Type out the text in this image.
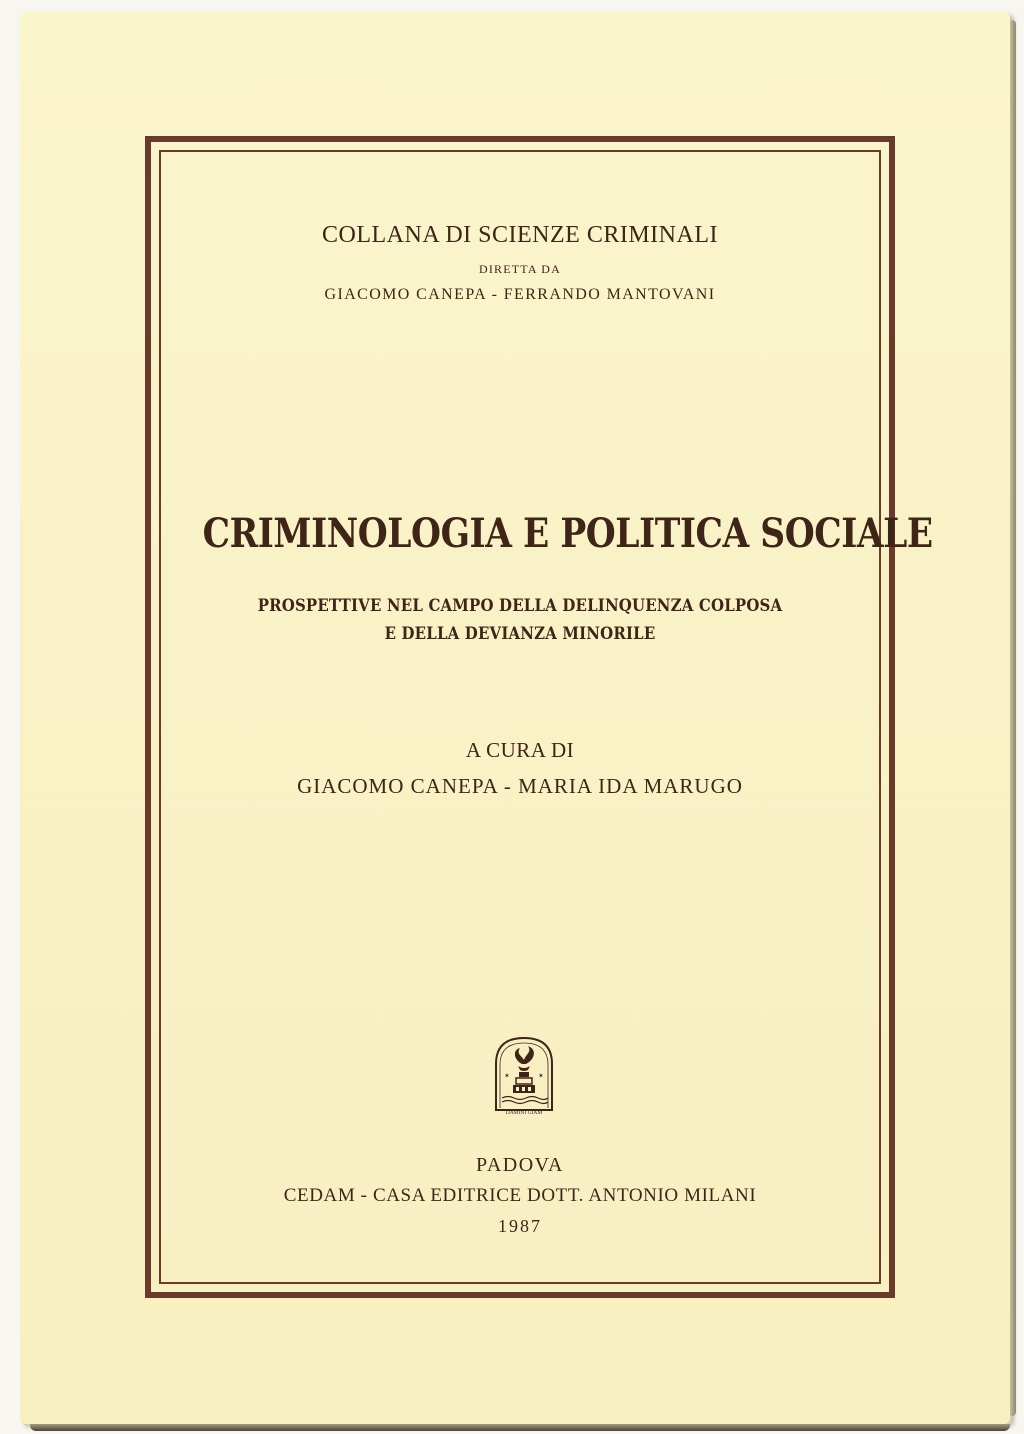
COLLANA DI SCIENZE CRIMINALI
DIRETTA DA
GIACOMO CANEPA - FERRANDO MANTOVANI
CRIMINOLOGIA E POLITICA SOCIALE
PROSPETTIVE NEL CAMPO DELLA DELINQUENZA COLPOSA
E DELLA DEVIANZA MINORILE
A CURA DI
GIACOMO CANEPA - MARIA IDA MARUGO
✶	✶
DAMINI GIAM
PADOVA
CEDAM - CASA EDITRICE DOTT. ANTONIO MILANI
1987
